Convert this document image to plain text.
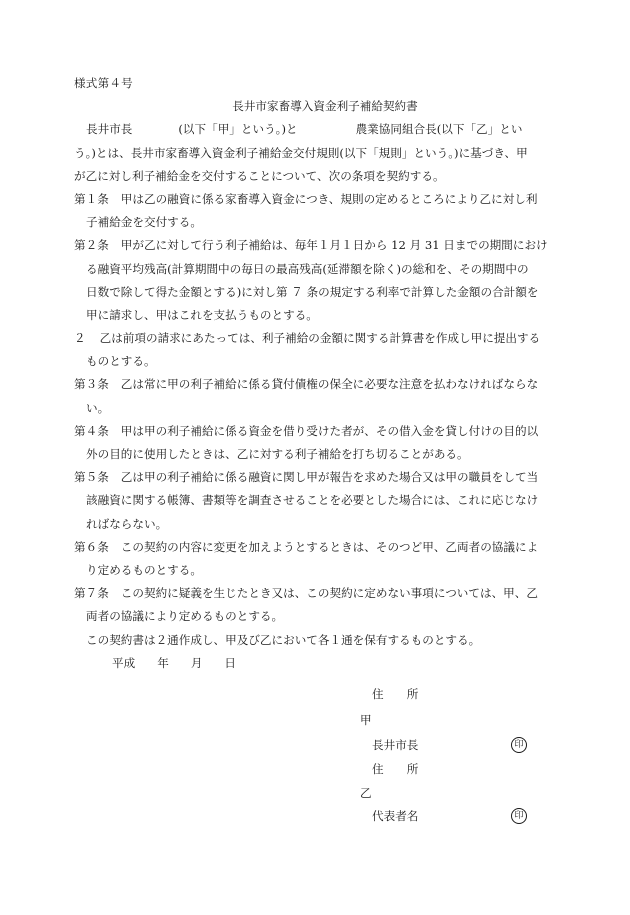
様式第４号
長井市家畜導入資金利子補給契約書
長井市長	(以下「甲」という。)と	農業協同組合長(以下「乙」とい
う。)とは、長井市家畜導入資金利子補給金交付規則(以下「規則」という。)に基づき、甲
が乙に対し利子補給金を交付することについて、次の条項を契約する。
第１条 甲は乙の融資に係る家畜導入資金につき、規則の定めるところにより乙に対し利
子補給金を交付する。
第２条 甲が乙に対して行う利子補給は、毎年１月１日から 12 月 31 日までの期間におけ
る融資平均残高(計算期間中の毎日の最高残高(延滞額を除く)の総和を、その期間中の
日数で除して得た金額とする)に対し第 ７ 条の規定する利率で計算した金額の合計額を
甲に請求し、甲はこれを支払うものとする。
２ 乙は前項の請求にあたっては、利子補給の金額に関する計算書を作成し甲に提出する
ものとする。
第３条 乙は常に甲の利子補給に係る貸付債権の保全に必要な注意を払わなければならな
い。
第４条 甲は甲の利子補給に係る資金を借り受けた者が、その借入金を貸し付けの目的以
外の目的に使用したときは、乙に対する利子補給を打ち切ることがある。
第５条 乙は甲の利子補給に係る融資に関し甲が報告を求めた場合又は甲の職員をして当
該融資に関する帳簿、書類等を調査させることを必要とした場合には、これに応じなけ
ればならない。
第６条 この契約の内容に変更を加えようとするときは、そのつど甲、乙両者の協議によ
り定めるものとする。
第７条 この契約に疑義を生じたとき又は、この契約に定めない事項については、甲、乙
両者の協議により定めるものとする。
この契約書は２通作成し、甲及び乙において各１通を保有するものとする。
平成 年 月 日
住　　所
甲
長井市長	印
住　　所
乙
代表者名	印
